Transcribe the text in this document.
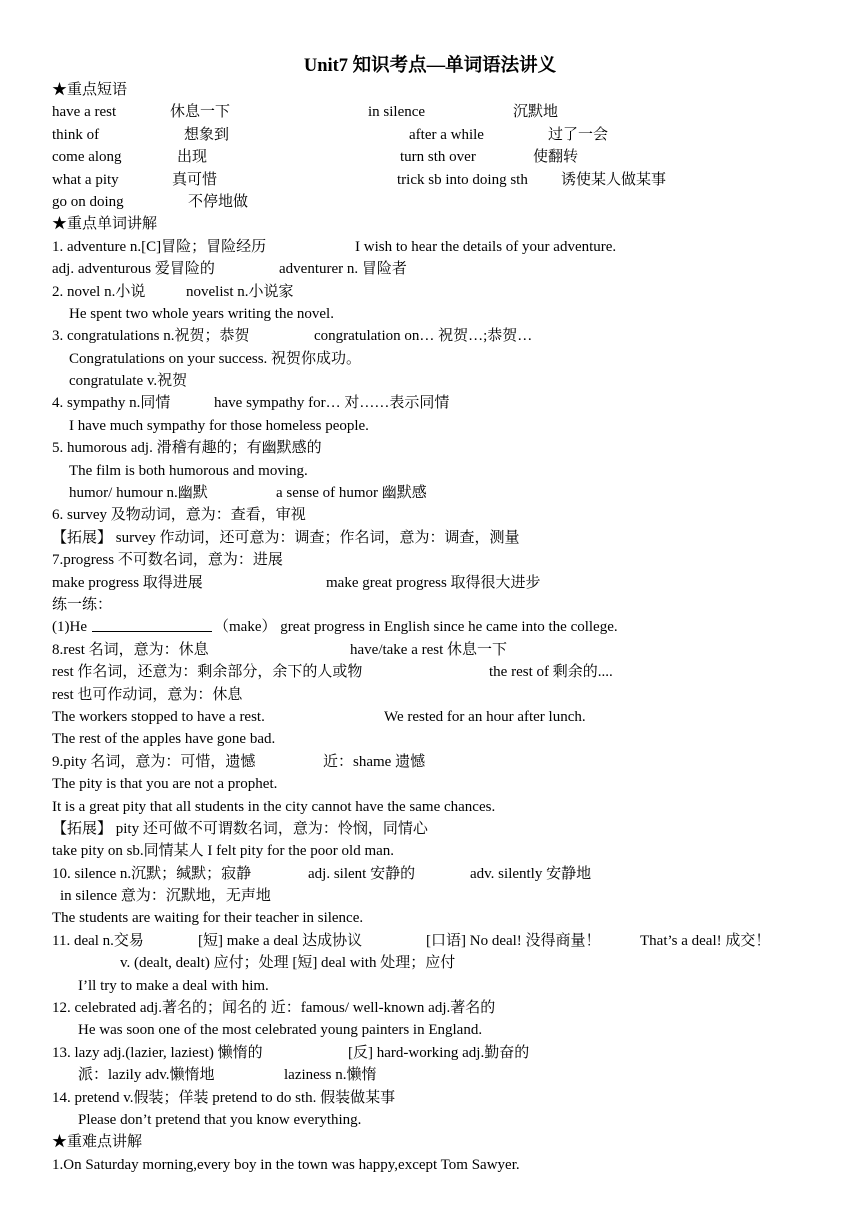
Unit7 知识考点—单词语法讲义
★重点短语
have a rest	休息一下	in silence	沉默地
think of	想象到	after a while	过了一会
come along	出现	turn sth over	使翻转
what a pity	真可惜	trick sb into doing sth 诱使某人做某事
go on doing	不停地做
★重点单词讲解
1. adventure n.[C]冒险；冒险经历	I wish to hear the details of your adventure.
adj. adventurous 爱冒险的	adventurer n. 冒险者
2. novel n.小说	novelist n.小说家
He spent two whole years writing the novel.
3. congratulations n.祝贺；恭贺	congratulation on… 祝贺…;恭贺…
Congratulations on your success. 祝贺你成功。
congratulate v.祝贺
4. sympathy n.同情	have sympathy for… 对……表示同情
I have much sympathy for those homeless people.
5. humorous adj. 滑稽有趣的；有幽默感的
The film is both humorous and moving.
humor/ humour n.幽默	a sense of humor 幽默感
6. survey 及物动词，意为：查看，审视
【拓展】 survey 作动词，还可意为：调查；作名词，意为：调查，测量
7.progress 不可数名词，意为：进展
make progress 取得进展	make great progress 取得很大进步
练一练：
(1)He	（make） great progress in English since he came into the college.
8.rest 名词，意为：休息	have/take a rest 休息一下
rest 作名词，还意为：剩余部分，余下的人或物	the rest of 剩余的....
rest 也可作动词，意为：休息
The workers stopped to have a rest.	We rested for an hour after lunch.
The rest of the apples have gone bad.
9.pity 名词，意为：可惜，遗憾	近：shame 遗憾
The pity is that you are not a prophet.
It is a great pity that all students in the city cannot have the same chances.
【拓展】 pity 还可做不可谓数名词，意为：怜悯，同情心
take pity on sb.同情某人 I felt pity for the poor old man.
10. silence n.沉默；缄默；寂静	adj. silent 安静的	adv. silently 安静地
in silence 意为：沉默地，无声地
The students are waiting for their teacher in silence.
11. deal n.交易	[短] make a deal 达成协议	[口语] No deal! 没得商量！	That’s a deal! 成交！
v. (dealt, dealt) 应付；处理 [短] deal with 处理；应付
I’ll try to make a deal with him.
12. celebrated adj.著名的；闻名的 近：famous/ well-known adj.著名的
He was soon one of the most celebrated young painters in England.
13. lazy adj.(lazier, laziest) 懒惰的	[反] hard-working adj.勤奋的
派：lazily adv.懒惰地	laziness n.懒惰
14. pretend v.假装；佯装 pretend to do sth. 假装做某事
Please don’t pretend that you know everything.
★重难点讲解
1.On Saturday morning,every boy in the town was happy,except Tom Sawyer.
